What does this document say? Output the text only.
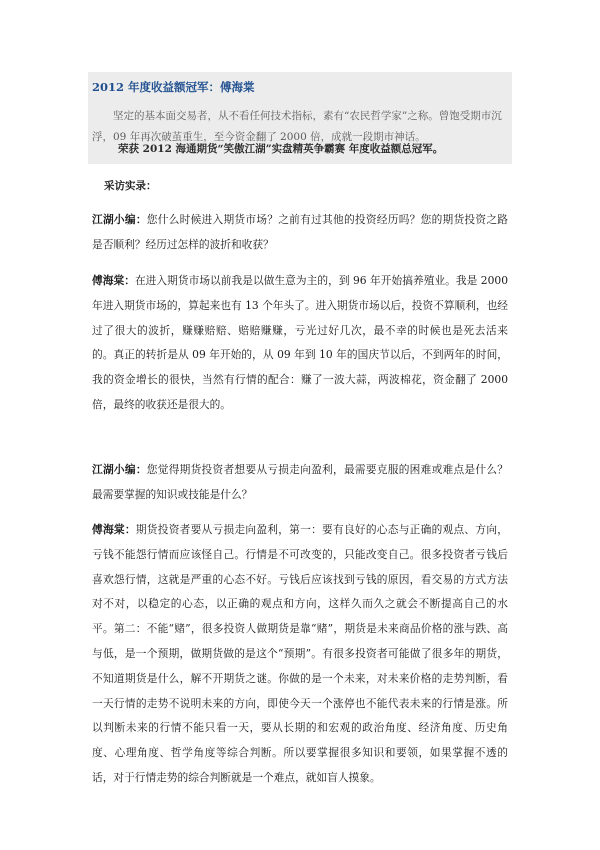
2012 年度收益额冠军：傅海棠
坚定的基本面交易者，从不看任何技术指标，素有“农民哲学家”之称。曾饱受期市沉浮，09 年再次破茧重生，至今资金翻了 2000 倍，成就一段期市神话。
荣获 2012 海通期货“笑傲江湖”实盘精英争霸赛 年度收益额总冠军。
采访实录：
江湖小编：您什么时候进入期货市场？之前有过其他的投资经历吗？您的期货投资之路是否顺利？经历过怎样的波折和收获？
傅海棠：在进入期货市场以前我是以做生意为主的，到 96 年开始搞养殖业。我是 2000 年进入期货市场的，算起来也有 13 个年头了。进入期货市场以后，投资不算顺利，也经过了很大的波折，赚赚赔赔、赔赔赚赚，亏光过好几次，最不幸的时候也是死去活来的。真正的转折是从 09 年开始的，从 09 年到 10 年的国庆节以后，不到两年的时间，我的资金增长的很快，当然有行情的配合：赚了一波大蒜，两波棉花，资金翻了 2000 倍，最终的收获还是很大的。
江湖小编：您觉得期货投资者想要从亏损走向盈利，最需要克服的困难或难点是什么？最需要掌握的知识或技能是什么？
傅海棠：期货投资者要从亏损走向盈利，第一：要有良好的心态与正确的观点、方向，亏钱不能怨行情而应该怪自己。行情是不可改变的，只能改变自己。很多投资者亏钱后喜欢怨行情，这就是严重的心态不好。亏钱后应该找到亏钱的原因，看交易的方式方法对不对，以稳定的心态，以正确的观点和方向，这样久而久之就会不断提高自己的水平。第二：不能“赌”，很多投资人做期货是靠“赌”，期货是未来商品价格的涨与跌、高与低，是一个预期，做期货做的是这个“预期”。有很多投资者可能做了很多年的期货，不知道期货是什么，解不开期货之谜。你做的是一个未来，对未来价格的走势判断，看一天行情的走势不说明未来的方向，即使今天一个涨停也不能代表未来的行情是涨。所以判断未来的行情不能只看一天，要从长期的和宏观的政治角度、经济角度、历史角度、心理角度、哲学角度等综合判断。所以要掌握很多知识和要领，如果掌握不透的话，对于行情走势的综合判断就是一个难点，就如盲人摸象。
